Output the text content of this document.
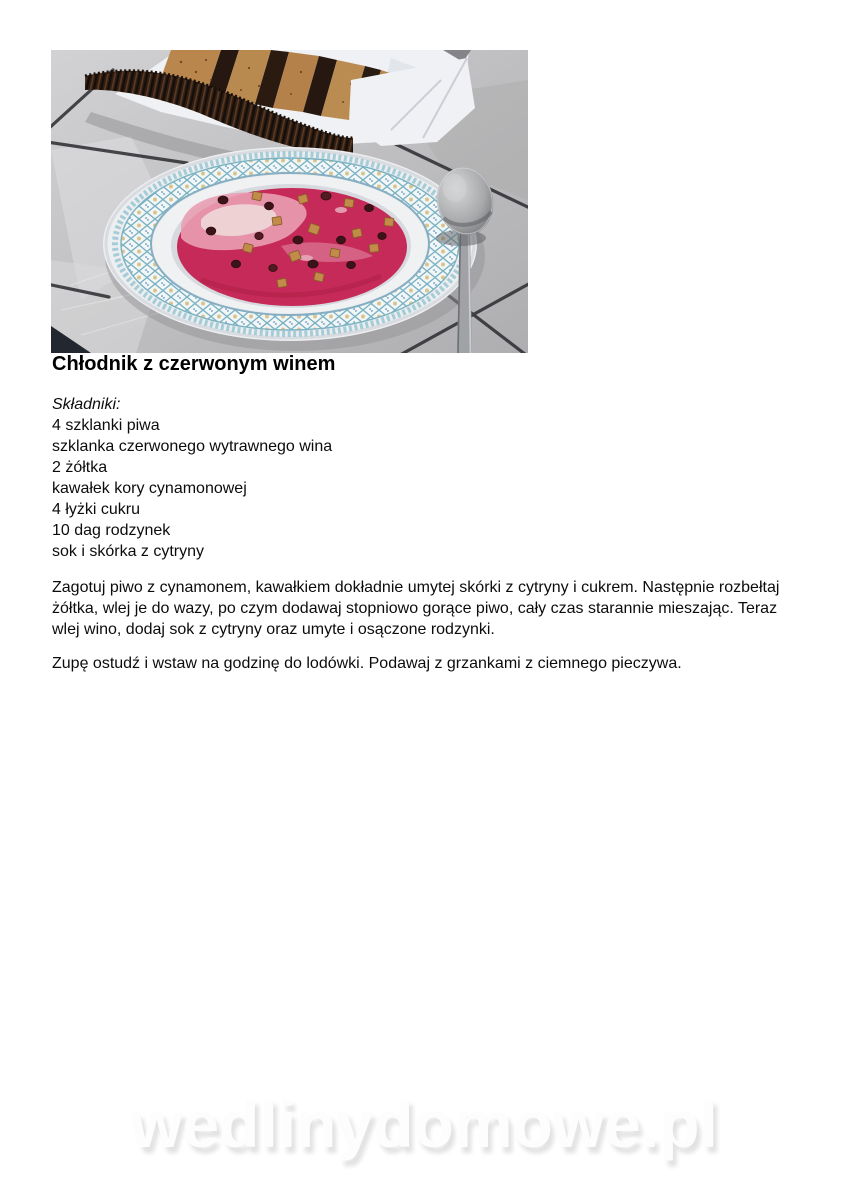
Chłodnik z czerwonym winem

Składniki:

4 szklanki piwa
szklanka czerwonego wytrawnego wina
2 żółtka
kawałek kory cynamonowej
4 łyżki cukru
10 dag rodzynek
sok i skórka z cytryny

Zagotuj piwo z cynamonem, kawałkiem dokładnie umytej skórki z cytryny i cukrem. Następnie rozbełtaj żółtka, wlej je do wazy, po czym dodawaj stopniowo gorące piwo, cały czas starannie mieszając. Teraz wlej wino, dodaj sok z cytryny oraz umyte i osączone rodzynki.

Zupę ostudź i wstaw na godzinę do lodówki. Podawaj z grzankami z ciemnego pieczywa.

wedlinydomowe.pl
